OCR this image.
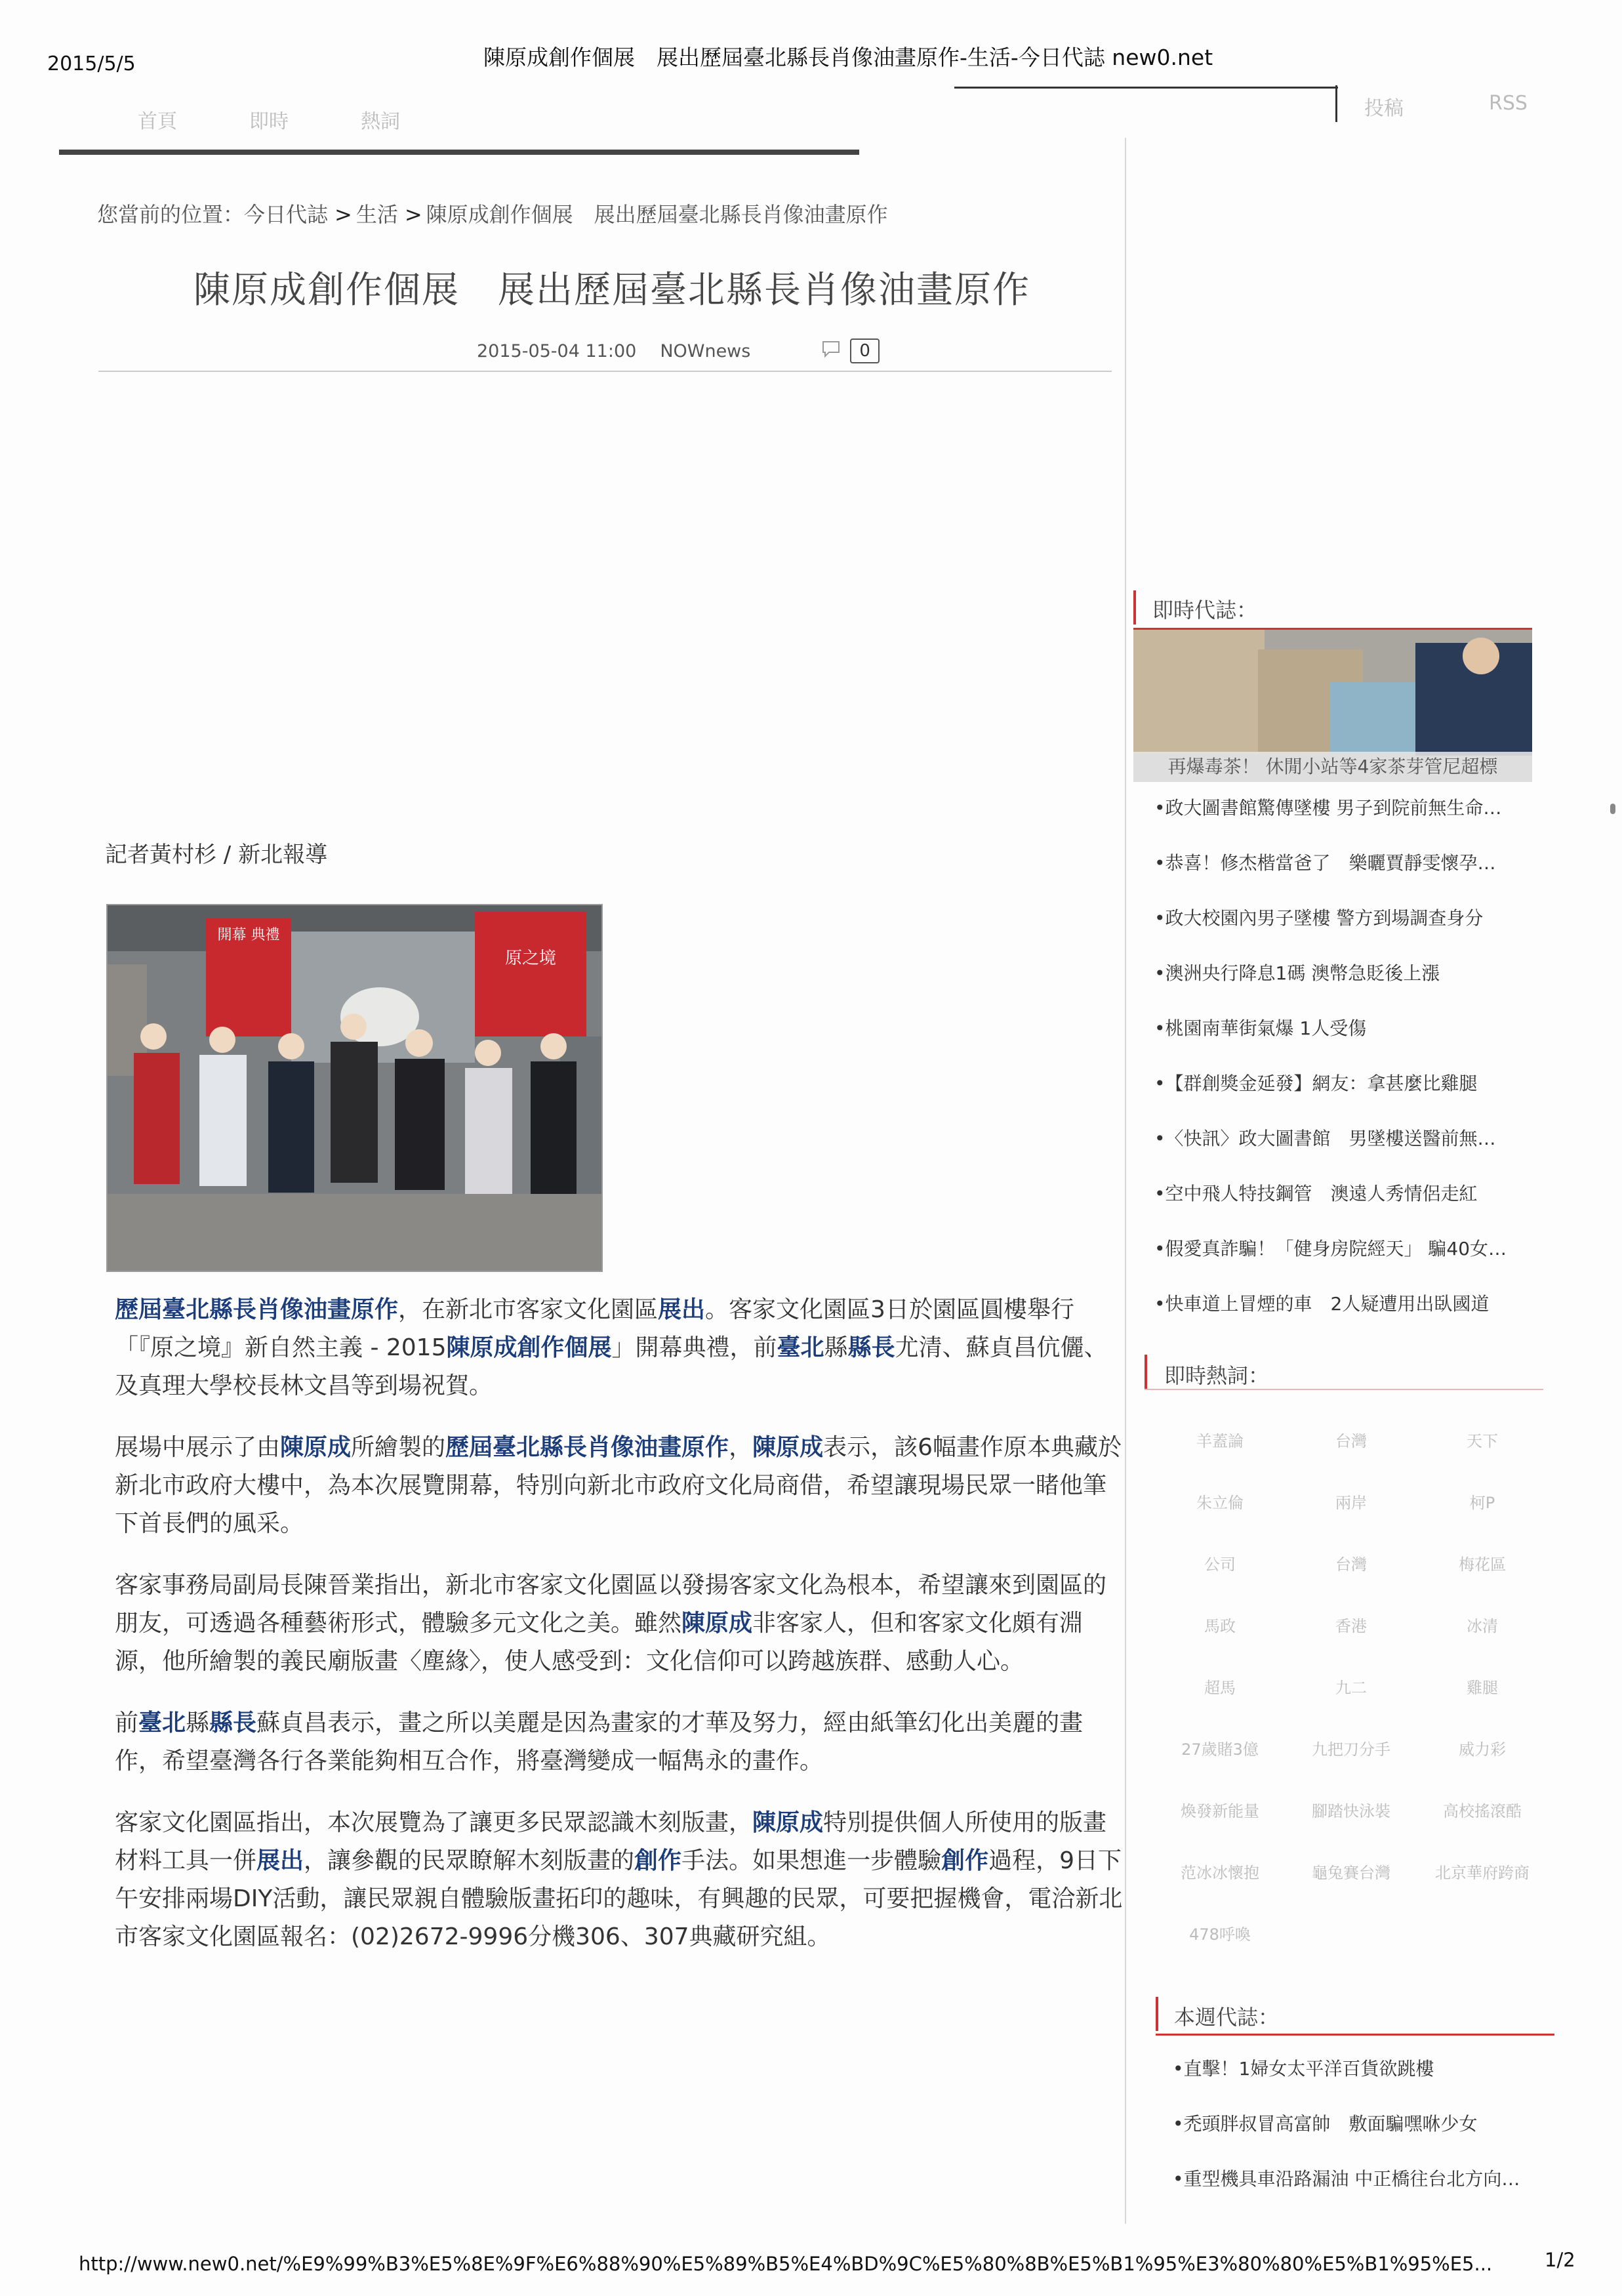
2015/5/5	陳原成創作個展　展出歷屆臺北縣長肖像油畫原作-生活-今日代誌 new0.net
首頁	即時	熱詞
投稿	RSS
您當前的位置：今日代誌 > 生活 > 陳原成創作個展　展出歷屆臺北縣長肖像油畫原作
陳原成創作個展　展出歷屆臺北縣長肖像油畫原作
2015-05-04 11:00 NOWnews	0
記者黃村杉 / 新北報導
開幕 典禮
原之境

歷屆臺北縣長肖像油畫原作，在新北市客家文化園區展出。客家文化園區3日於園區圓樓舉行「『原之境』新自然主義 - 2015陳原成創作個展」開幕典禮，前臺北縣縣長尤清、蘇貞昌伉儷、及真理大學校長林文昌等到場祝賀。

展場中展示了由陳原成所繪製的歷屆臺北縣長肖像油畫原作，陳原成表示，該6幅畫作原本典藏於新北市政府大樓中，為本次展覽開幕，特別向新北市政府文化局商借，希望讓現場民眾一睹他筆下首長們的風采。

客家事務局副局長陳晉業指出，新北市客家文化園區以發揚客家文化為根本，希望讓來到園區的朋友，可透過各種藝術形式，體驗多元文化之美。雖然陳原成非客家人，但和客家文化頗有淵源，他所繪製的義民廟版畫〈塵緣〉，使人感受到：文化信仰可以跨越族群、感動人心。

前臺北縣縣長蘇貞昌表示，畫之所以美麗是因為畫家的才華及努力，經由紙筆幻化出美麗的畫作，希望臺灣各行各業能夠相互合作，將臺灣變成一幅雋永的畫作。

客家文化園區指出，本次展覽為了讓更多民眾認識木刻版畫，陳原成特別提供個人所使用的版畫材料工具一併展出，讓參觀的民眾瞭解木刻版畫的創作手法。如果想進一步體驗創作過程，9日下午安排兩場DIY活動，讓民眾親自體驗版畫拓印的趣味，有興趣的民眾，可要把握機會，電洽新北市客家文化園區報名：(02)2672-9996分機306、307典藏研究組。

即時代誌：
再爆毒茶！ 休閒小站等4家茶芽管尼超標
•政大圖書館驚傳墜樓 男子到院前無生命…
•恭喜！修杰楷當爸了　樂曬賈靜雯懷孕…
•政大校園內男子墜樓 警方到場調查身分
•澳洲央行降息1碼 澳幣急貶後上漲
•桃園南華街氣爆 1人受傷
•【群創獎金延發】網友：拿甚麼比雞腿
•〈快訊〉政大圖書館　男墜樓送醫前無…
•空中飛人特技鋼管　澳遠人秀情侶走紅
•假愛真詐騙！「健身房院經天」 騙40女…
•快車道上冒煙的車　2人疑遭用出臥國道
即時熱詞：
羊蓋論	台灣	天下
朱立倫	兩岸	柯P
公司	台灣	梅花區
馬政	香港	冰清
超馬	九二	雞腿
27歲賭3億	九把刀分手	威力彩
煥發新能量	腳踏快泳裝	高校搖滾酷
范冰冰懷抱	龜兔賽台灣	北京華府跨商
478呼喚
本週代誌：
•直擊！1婦女太平洋百貨欲跳樓
•禿頭胖叔冒高富帥　敷面騙嘿咻少女
•重型機具車沿路漏油 中正橋往台北方向…
http://www.new0.net/%E9%99%B3%E5%8E%9F%E6%88%90%E5%89%B5%E4%BD%9C%E5%80%8B%E5%B1%95%E3%80%80%E5%B1%95%E5...	1/2
